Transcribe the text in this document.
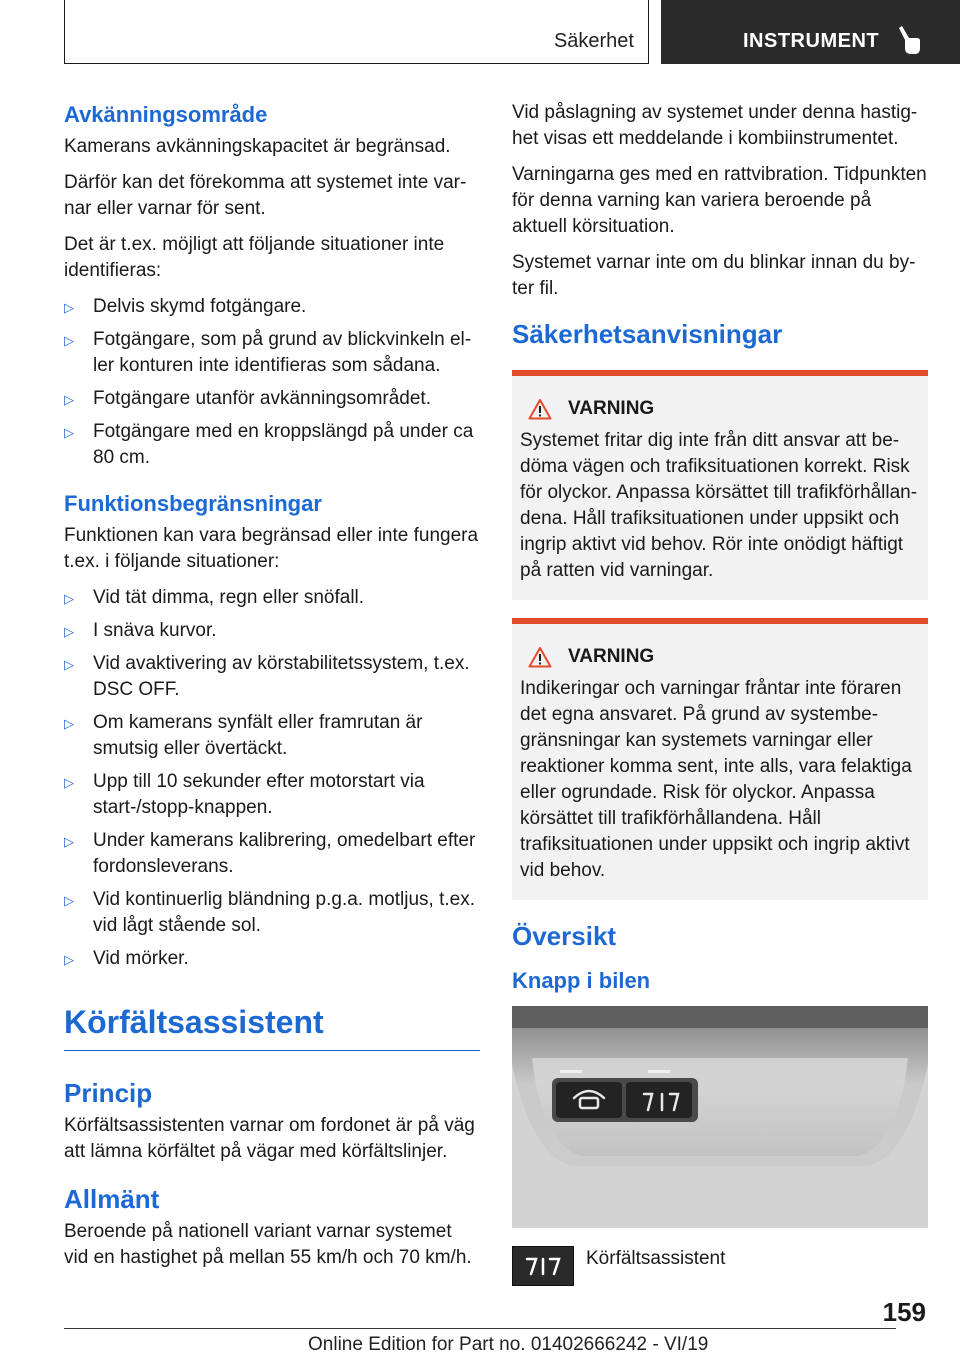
Säkerhet	INSTRUMENT
Avkänningsområde

Kamerans avkänningskapacitet är begränsad.

Därför kan det förekomma att systemet inte varnar eller varnar för sent.

Det är t.ex. möjligt att följande situationer inte identifieras:

▷ Delvis skymd fotgängare.
▷ Fotgängare, som på grund av blickvinkeln eller konturen inte identifieras som sådana.
▷ Fotgängare utanför avkänningsområdet.
▷ Fotgängare med en kroppslängd på under ca 80 cm.
Funktionsbegränsningar

Funktionen kan vara begränsad eller inte fungera t.ex. i följande situationer:

▷ Vid tät dimma, regn eller snöfall.
▷ I snäva kurvor.
▷ Vid avaktivering av körstabilitetssystem, t.ex. DSC OFF.
▷ Om kamerans synfält eller framrutan är smutsig eller övertäckt.
▷ Upp till 10 sekunder efter motorstart via start-/stopp-knappen.
▷ Under kamerans kalibrering, omedelbart efter fordonsleverans.
▷ Vid kontinuerlig bländning p.g.a. motljus, t.ex. vid lågt stående sol.
▷ Vid mörker.
Körfältsassistent
Princip

Körfältsassistenten varnar om fordonet är på väg att lämna körfältet på vägar med körfältslinjer.

Allmänt

Beroende på nationell variant varnar systemet vid en hastighet på mellan 55 km/h och 70 km/h.

Vid påslagning av systemet under denna hastighet visas ett meddelande i kombiinstrumentet.

Varningarna ges med en rattvibration. Tidpunkten för denna varning kan variera beroende på aktuell körsituation.

Systemet varnar inte om du blinkar innan du byter fil.

Säkerhetsanvisningar
VARNING

Systemet fritar dig inte från ditt ansvar att bedöma vägen och trafiksituationen korrekt. Risk för olyckor. Anpassa körsättet till trafikförhållandena. Håll trafiksituationen under uppsikt och ingrip aktivt vid behov. Rör inte onödigt häftigt på ratten vid varningar.

VARNING

Indikeringar och varningar fråntar inte föraren det egna ansvaret. På grund av systembegränsningar kan systemets varningar eller reaktioner komma sent, inte alls, vara felaktiga eller ogrundade. Risk för olyckor. Anpassa körsättet till trafikförhållandena. Håll trafiksituationen under uppsikt och ingrip aktivt vid behov.

Översikt
Knapp i bilen
Körfältsassistent
159
Online Edition for Part no. 01402666242 - VI/19
